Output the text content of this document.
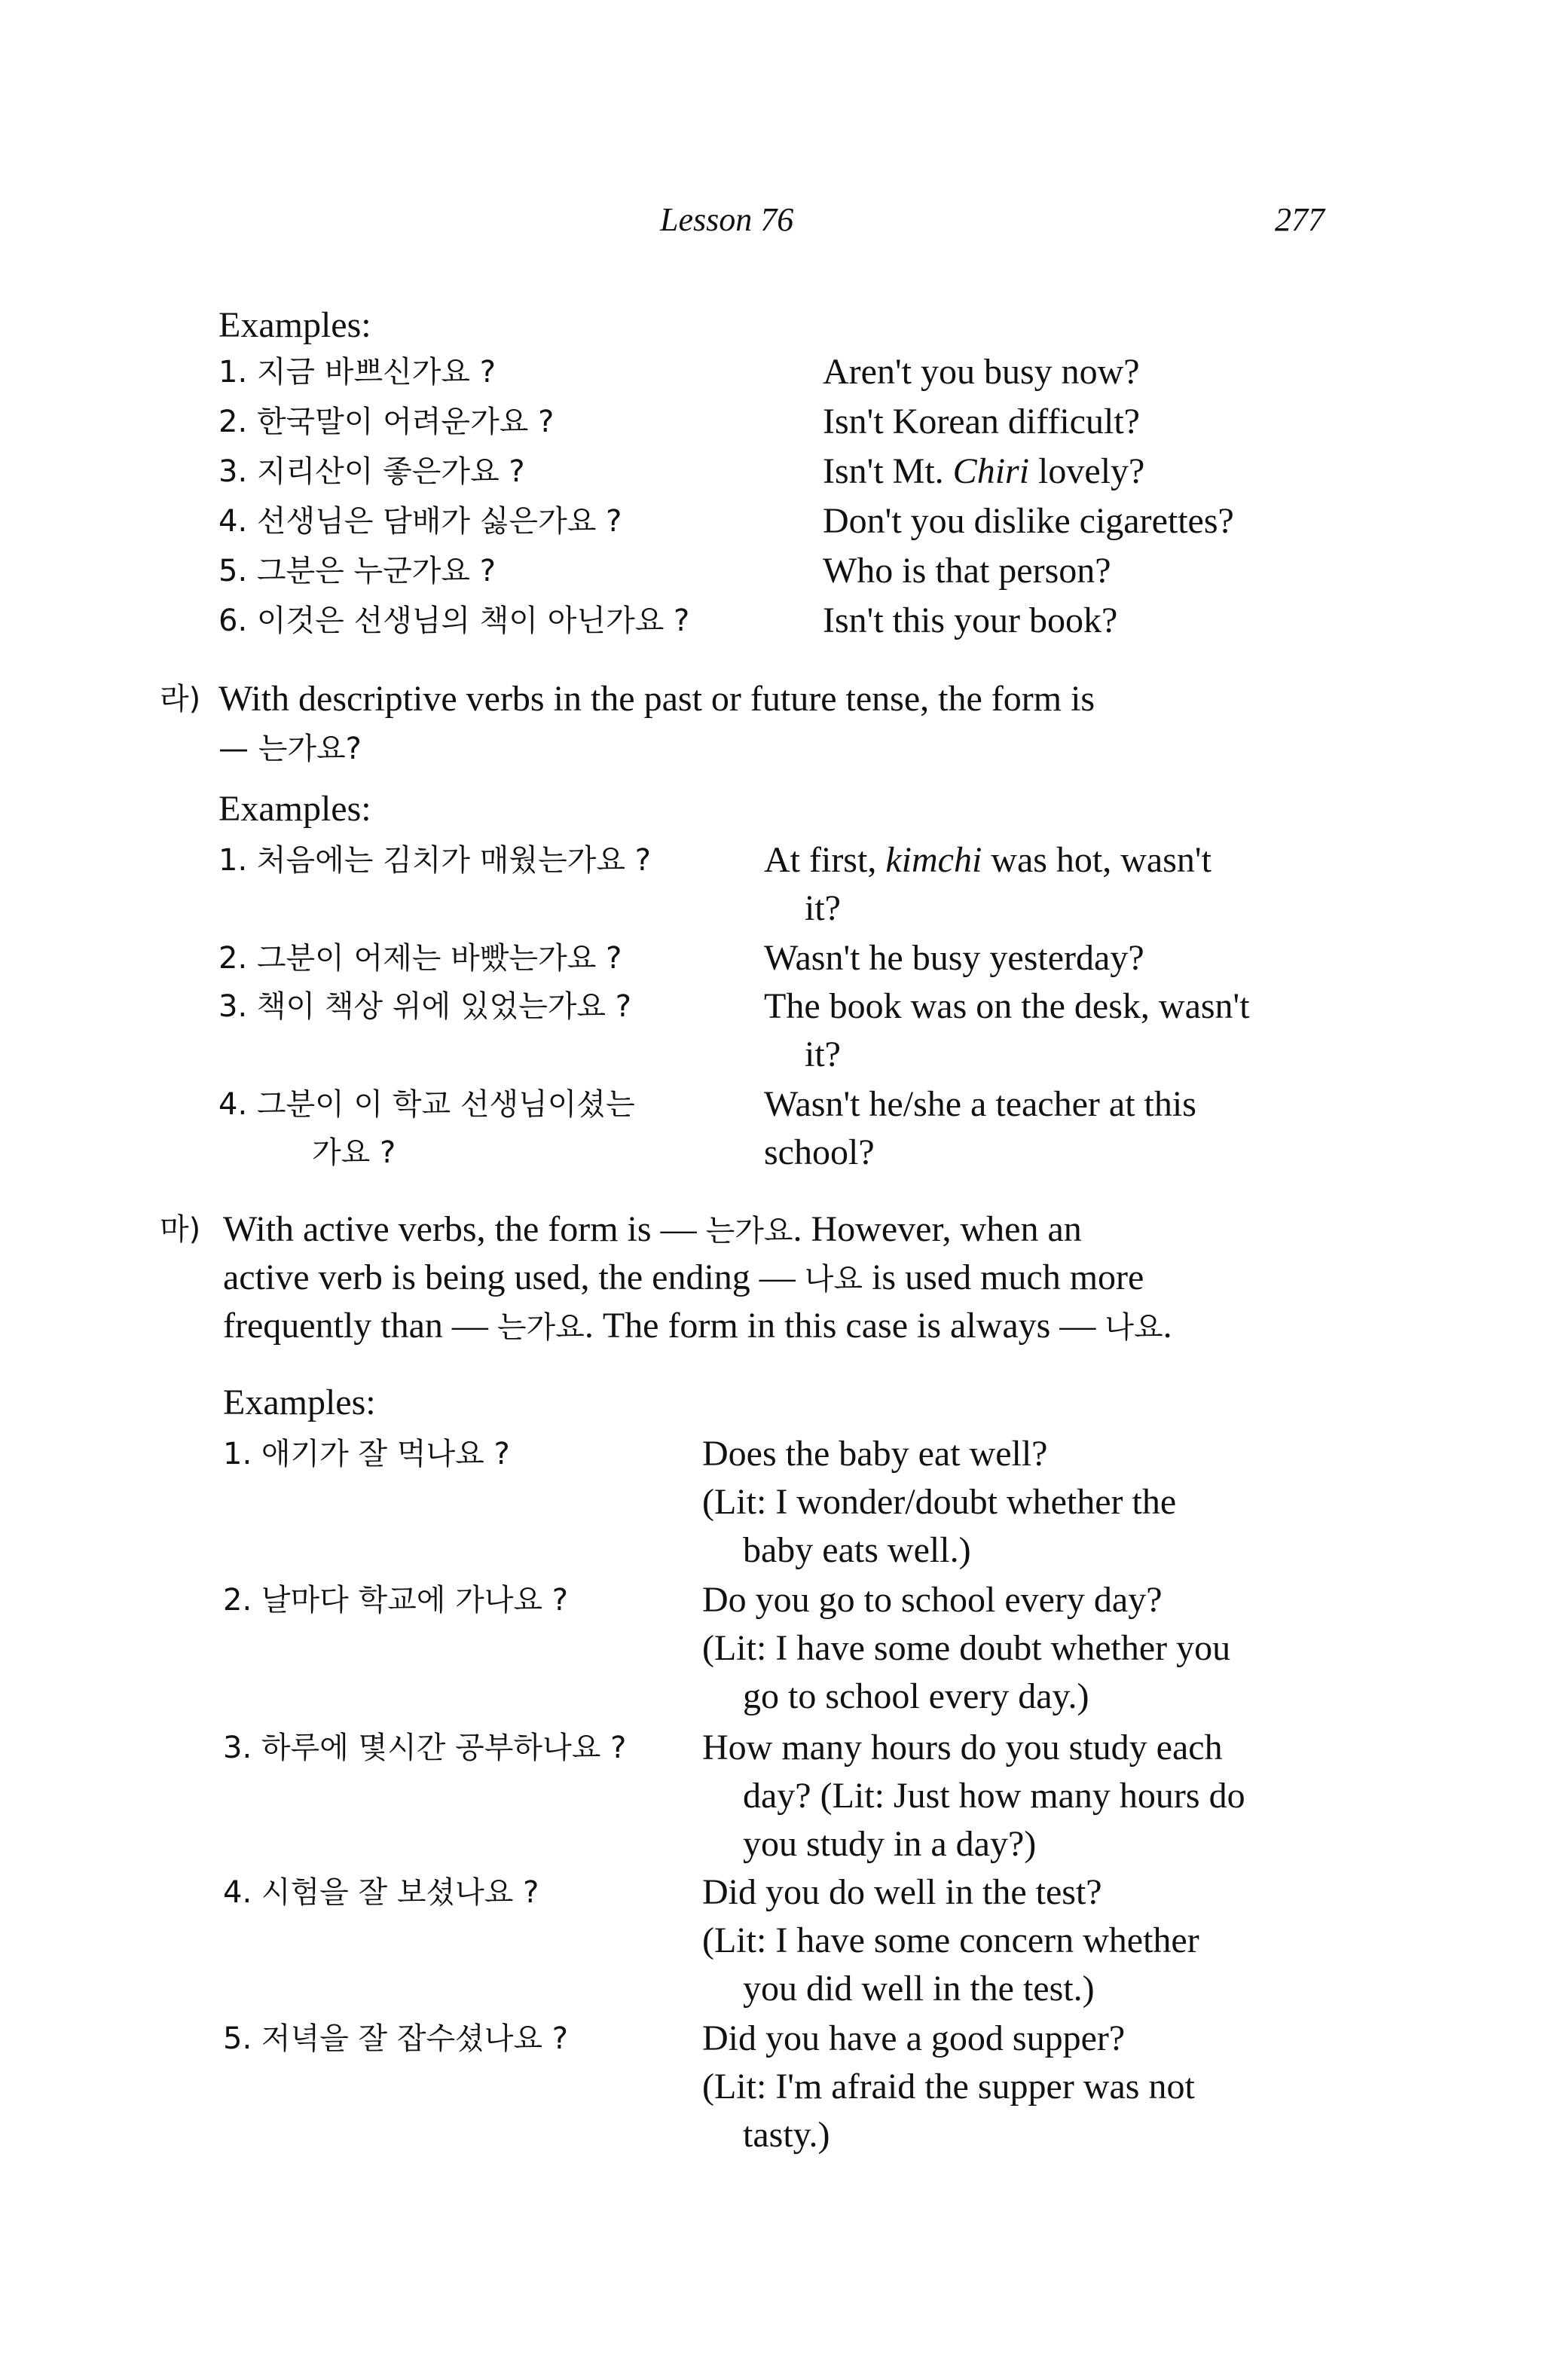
Lesson 76	277
Examples:
1. 지금 바쁘신가요 ?	Aren't you busy now?
2. 한국말이 어려운가요 ?	Isn't Korean difficult?
3. 지리산이 좋은가요 ?	Isn't Mt. Chiri lovely?
4. 선생님은 담배가 싫은가요 ?	Don't you dislike cigarettes?
5. 그분은 누군가요 ?	Who is that person?
6. 이것은 선생님의 책이 아닌가요 ?	Isn't this your book?
라) With descriptive verbs in the past or future tense, the form is
— 는가요?
Examples:
1. 처음에는 김치가 매웠는가요 ?	At first, kimchi was hot, wasn't
it?
2. 그분이 어제는 바빴는가요 ?	Wasn't he busy yesterday?
3. 책이 책상 위에 있었는가요 ?	The book was on the desk, wasn't
it?
4. 그분이 이 학교 선생님이셨는
가요 ?
Wasn't he/she a teacher at this
school?
마) With active verbs, the form is — 는가요. However, when an
active verb is being used, the ending — 나요 is used much more
frequently than — 는가요. The form in this case is always — 나요.
Examples:
1. 애기가 잘 먹나요 ?	Does the baby eat well?
(Lit: I wonder/doubt whether the
baby eats well.)
2. 날마다 학교에 가나요 ?	Do you go to school every day?
(Lit: I have some doubt whether you
go to school every day.)
3. 하루에 몇시간 공부하나요 ? How many hours do you study each
day? (Lit: Just how many hours do
you study in a day?)
4. 시험을 잘 보셨나요 ?	Did you do well in the test?
(Lit: I have some concern whether
you did well in the test.)
5. 저녁을 잘 잡수셨나요 ?	Did you have a good supper?
(Lit: I'm afraid the supper was not
tasty.)
